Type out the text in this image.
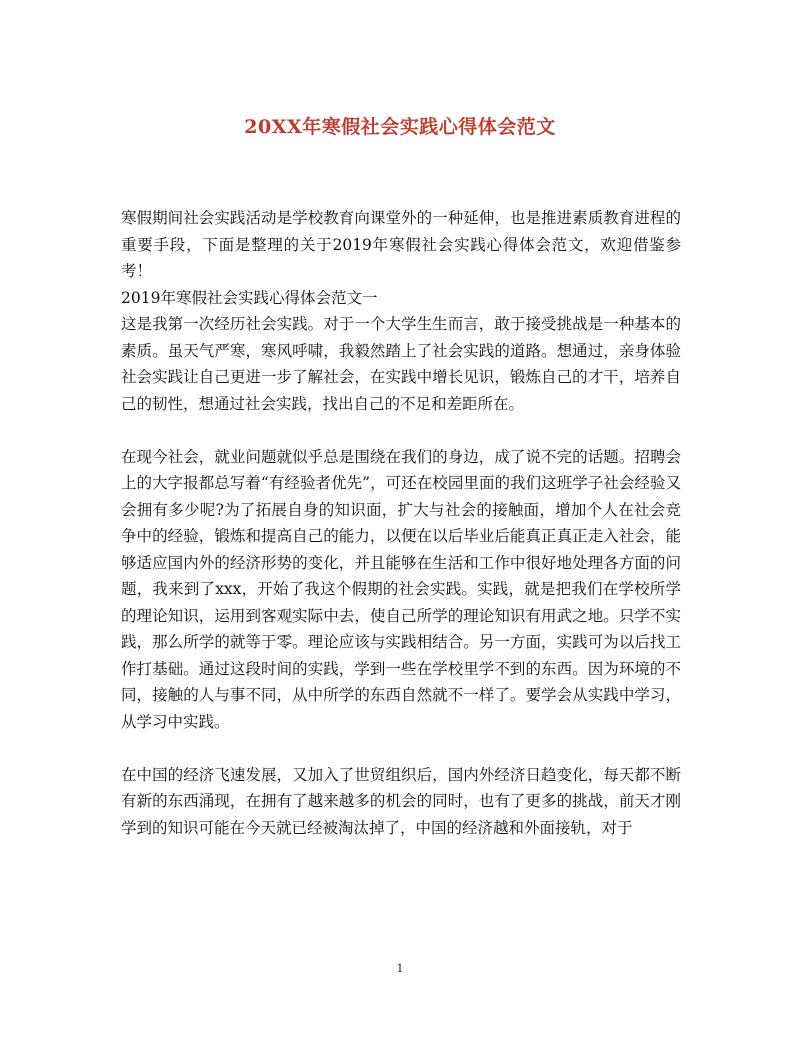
20XX年寒假社会实践心得体会范文

寒假期间社会实践活动是学校教育向课堂外的一种延伸，也是推进素质教育进程的重要手段，下面是整理的关于2019年寒假社会实践心得体会范文，欢迎借鉴参考！

2019年寒假社会实践心得体会范文一

这是我第一次经历社会实践。对于一个大学生生而言，敢于接受挑战是一种基本的素质。虽天气严寒，寒风呼啸，我毅然踏上了社会实践的道路。想通过，亲身体验社会实践让自己更进一步了解社会，在实践中增长见识，锻炼自己的才干，培养自己的韧性，想通过社会实践，找出自己的不足和差距所在。

在现今社会，就业问题就似乎总是围绕在我们的身边，成了说不完的话题。招聘会上的大字报都总写着“有经验者优先”，可还在校园里面的我们这班学子社会经验又会拥有多少呢?为了拓展自身的知识面，扩大与社会的接触面，增加个人在社会竞争中的经验，锻炼和提高自己的能力，以便在以后毕业后能真正真正走入社会，能够适应国内外的经济形势的变化，并且能够在生活和工作中很好地处理各方面的问题，我来到了xxx，开始了我这个假期的社会实践。实践，就是把我们在学校所学的理论知识，运用到客观实际中去，使自己所学的理论知识有用武之地。只学不实践，那么所学的就等于零。理论应该与实践相结合。另一方面，实践可为以后找工作打基础。通过这段时间的实践，学到一些在学校里学不到的东西。因为环境的不同，接触的人与事不同，从中所学的东西自然就不一样了。要学会从实践中学习，从学习中实践。

在中国的经济飞速发展，又加入了世贸组织后，国内外经济日趋变化，每天都不断有新的东西涌现，在拥有了越来越多的机会的同时，也有了更多的挑战，前天才刚学到的知识可能在今天就已经被淘汰掉了，中国的经济越和外面接轨，对于

1
